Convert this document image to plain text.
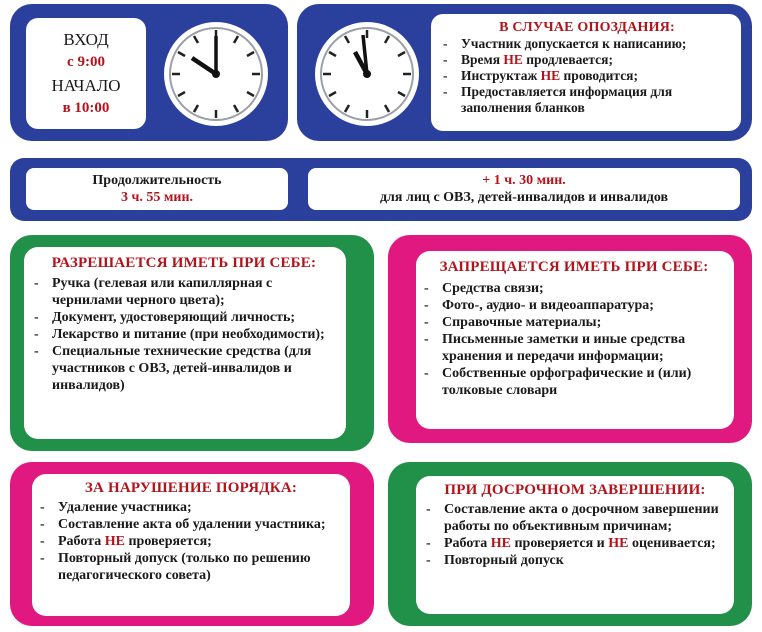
ВХОД
с 9:00
НАЧАЛО
в 10:00
В СЛУЧАЕ ОПОЗДАНИЯ:
- Участник допускается к написанию;
- Время НЕ продлевается;
- Инструктаж НЕ проводится;
- Предоставляется информация для заполнения бланков
Продолжительность
3 ч. 55 мин.
+ 1 ч. 30 мин.
для лиц с ОВЗ, детей-инвалидов и инвалидов
РАЗРЕШАЕТСЯ ИМЕТЬ ПРИ СЕБЕ:
- Ручка (гелевая или капиллярная с чернилами черного цвета);
- Документ, удостоверяющий личность;
- Лекарство и питание (при необходимости);
- Специальные технические средства (для участников с ОВЗ, детей-инвалидов и инвалидов)
ЗАПРЕЩАЕТСЯ ИМЕТЬ ПРИ СЕБЕ:
- Средства связи;
- Фото-, аудио- и видеоаппаратура;
- Справочные материалы;
- Письменные заметки и иные средства хранения и передачи информации;
- Собственные орфографические и (или) толковые словари
ЗА НАРУШЕНИЕ ПОРЯДКА:
- Удаление участника;
- Составление акта об удалении участника;
- Работа НЕ проверяется;
- Повторный допуск (только по решению педагогического совета)
ПРИ ДОСРОЧНОМ ЗАВЕРШЕНИИ:
- Составление акта о досрочном завершении работы по объективным причинам;
- Работа НЕ проверяется и НЕ оценивается;
- Повторный допуск
